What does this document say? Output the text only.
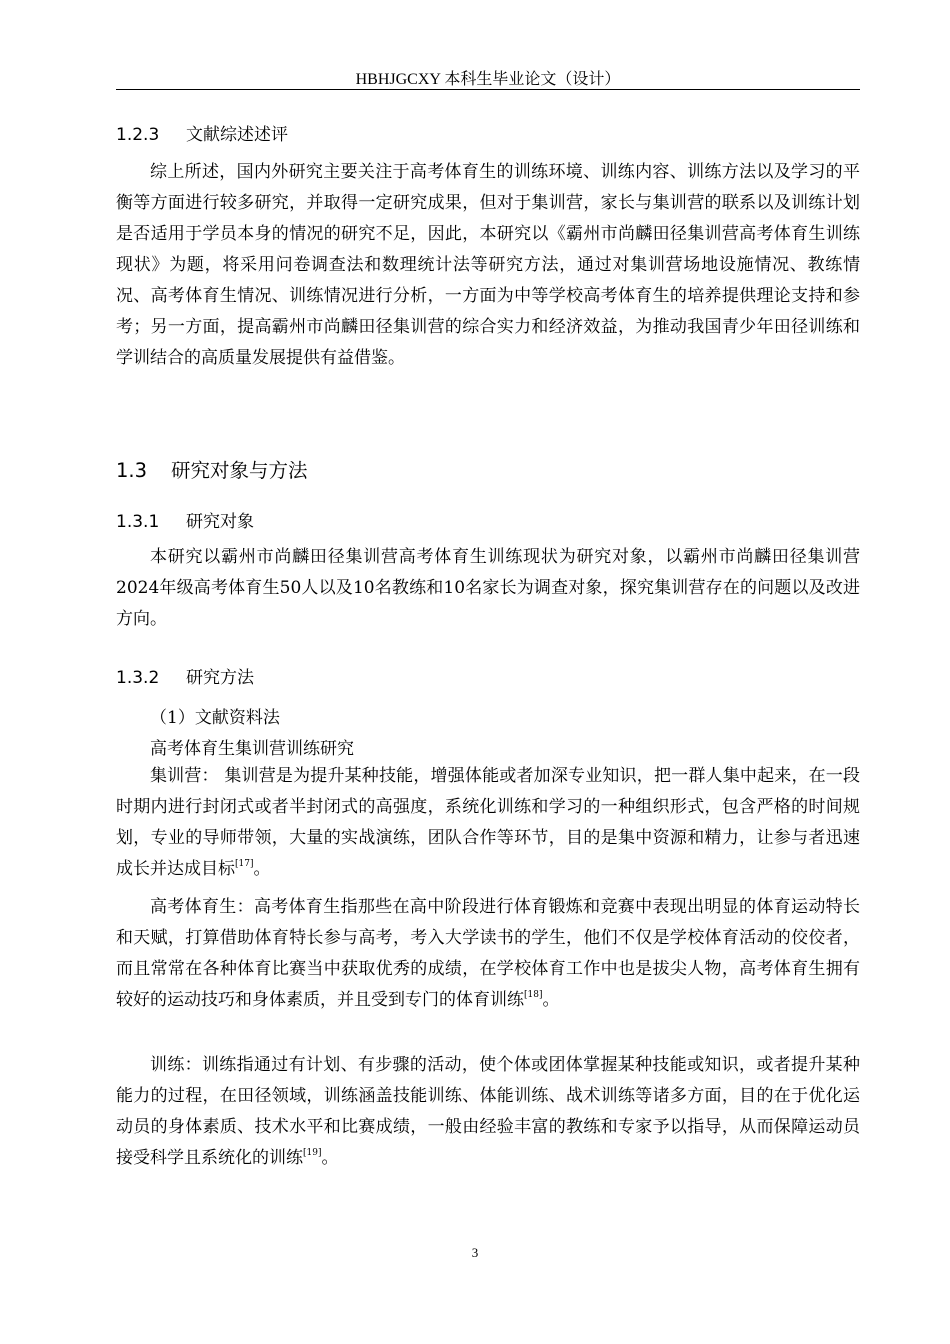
HBHJGCXY 本科生毕业论文（设计）
1.2.3 文献综述述评

综上所述，国内外研究主要关注于高考体育生的训练环境、训练内容、训练方法以及学习的平衡等方面进行较多研究，并取得一定研究成果，但对于集训营，家长与集训营的联系以及训练计划是否适用于学员本身的情况的研究不足，因此，本研究以《霸州市尚麟田径集训营高考体育生训练现状》为题，将采用问卷调查法和数理统计法等研究方法，通过对集训营场地设施情况、教练情况、高考体育生情况、训练情况进行分析，一方面为中等学校高考体育生的培养提供理论支持和参考；另一方面，提高霸州市尚麟田径集训营的综合实力和经济效益，为推动我国青少年田径训练和学训结合的高质量发展提供有益借鉴。

1.3 研究对象与方法
1.3.1 研究对象

本研究以霸州市尚麟田径集训营高考体育生训练现状为研究对象，以霸州市尚麟田径集训营2024年级高考体育生50人以及10名教练和10名家长为调查对象，探究集训营存在的问题以及改进方向。

1.3.2 研究方法
（1）文献资料法
高考体育生集训营训练研究

集训营： 集训营是为提升某种技能，增强体能或者加深专业知识，把一群人集中起来，在一段时期内进行封闭式或者半封闭式的高强度，系统化训练和学习的一种组织形式，包含严格的时间规划，专业的导师带领，大量的实战演练，团队合作等环节，目的是集中资源和精力，让参与者迅速成长并达成目标[17]。

高考体育生：高考体育生指那些在高中阶段进行体育锻炼和竞赛中表现出明显的体育运动特长和天赋，打算借助体育特长参与高考，考入大学读书的学生，他们不仅是学校体育活动的佼佼者，而且常常在各种体育比赛当中获取优秀的成绩，在学校体育工作中也是拔尖人物，高考体育生拥有较好的运动技巧和身体素质，并且受到专门的体育训练[18]。

训练：训练指通过有计划、有步骤的活动，使个体或团体掌握某种技能或知识，或者提升某种能力的过程，在田径领域，训练涵盖技能训练、体能训练、战术训练等诸多方面，目的在于优化运动员的身体素质、技术水平和比赛成绩，一般由经验丰富的教练和专家予以指导，从而保障运动员接受科学且系统化的训练[19]。

3
